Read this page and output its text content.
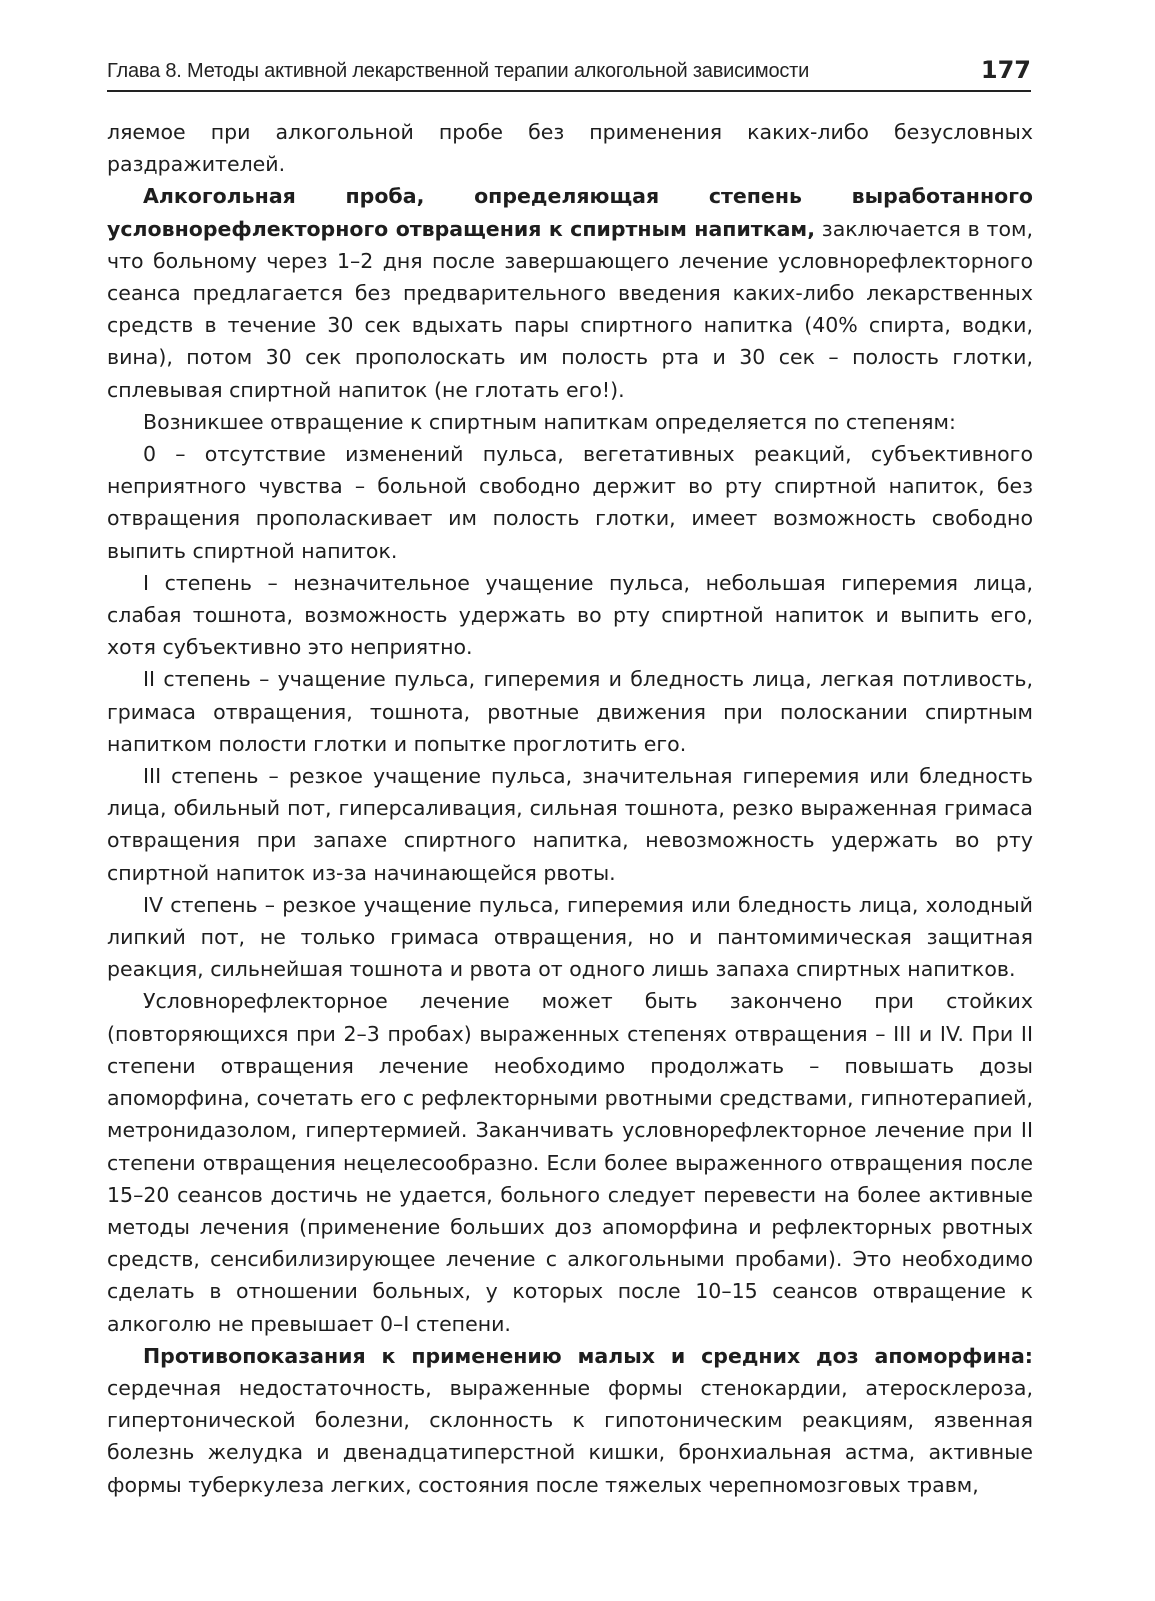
Глава 8. Методы активной лекарственной терапии алкогольной зависимости	177

ляемое при алкогольной пробе без применения каких-либо безусловных раздражителей.

Алкогольная проба, определяющая степень выработанного условнорефлекторного отвращения к спиртным напиткам, заключается в том, что больному через 1–2 дня после завершающего лечение условнорефлекторного сеанса предлагается без предварительного введения каких-либо лекарственных средств в течение 30 сек вдыхать пары спиртного напитка (40% спирта, водки, вина), потом 30 сек прополоскать им полость рта и 30 сек – полость глотки, сплевывая спиртной напиток (не глотать его!).

Возникшее отвращение к спиртным напиткам определяется по степеням:

0 – отсутствие изменений пульса, вегетативных реакций, субъективного неприятного чувства – больной свободно держит во рту спиртной напиток, без отвращения прополаскивает им полость глотки, имеет возможность свободно выпить спиртной напиток.

I степень – незначительное учащение пульса, небольшая гиперемия лица, слабая тошнота, возможность удержать во рту спиртной напиток и выпить его, хотя субъективно это неприятно.

II степень – учащение пульса, гиперемия и бледность лица, легкая потливость, гримаса отвращения, тошнота, рвотные движения при полоскании спиртным напитком полости глотки и попытке проглотить его.

III степень – резкое учащение пульса, значительная гиперемия или бледность лица, обильный пот, гиперсаливация, сильная тошнота, резко выраженная гримаса отвращения при запахе спиртного напитка, невозможность удержать во рту спиртной напиток из-за начинающейся рвоты.

IV степень – резкое учащение пульса, гиперемия или бледность лица, холодный липкий пот, не только гримаса отвращения, но и пантомимическая защитная реакция, сильнейшая тошнота и рвота от одного лишь запаха спиртных напитков.

Условнорефлекторное лечение может быть закончено при стойких (повторяющихся при 2–3 пробах) выраженных степенях отвращения – III и IV. При II степени отвращения лечение необходимо продолжать – повышать дозы апоморфина, сочетать его с рефлекторными рвотными средствами, гипнотерапией, метронидазолом, гипертермией. Заканчивать условнорефлекторное лечение при II степени отвращения нецелесообразно. Если более выраженного отвращения после 15–20 сеансов достичь не удается, больного следует перевести на более активные методы лечения (применение больших доз апоморфина и рефлекторных рвотных средств, сенсибилизирующее лечение с алкогольными пробами). Это необходимо сделать в отношении больных, у которых после 10–15 сеансов отвращение к алкоголю не превышает 0–I степени.

Противопоказания к применению малых и средних доз апоморфина: сердечная недостаточность, выраженные формы стенокардии, атеросклероза, гипертонической болезни, склонность к гипотоническим реакциям, язвенная болезнь желудка и двенадцатиперстной кишки, бронхиальная астма, активные формы туберкулеза легких, состояния после тяжелых черепномозговых травм,
